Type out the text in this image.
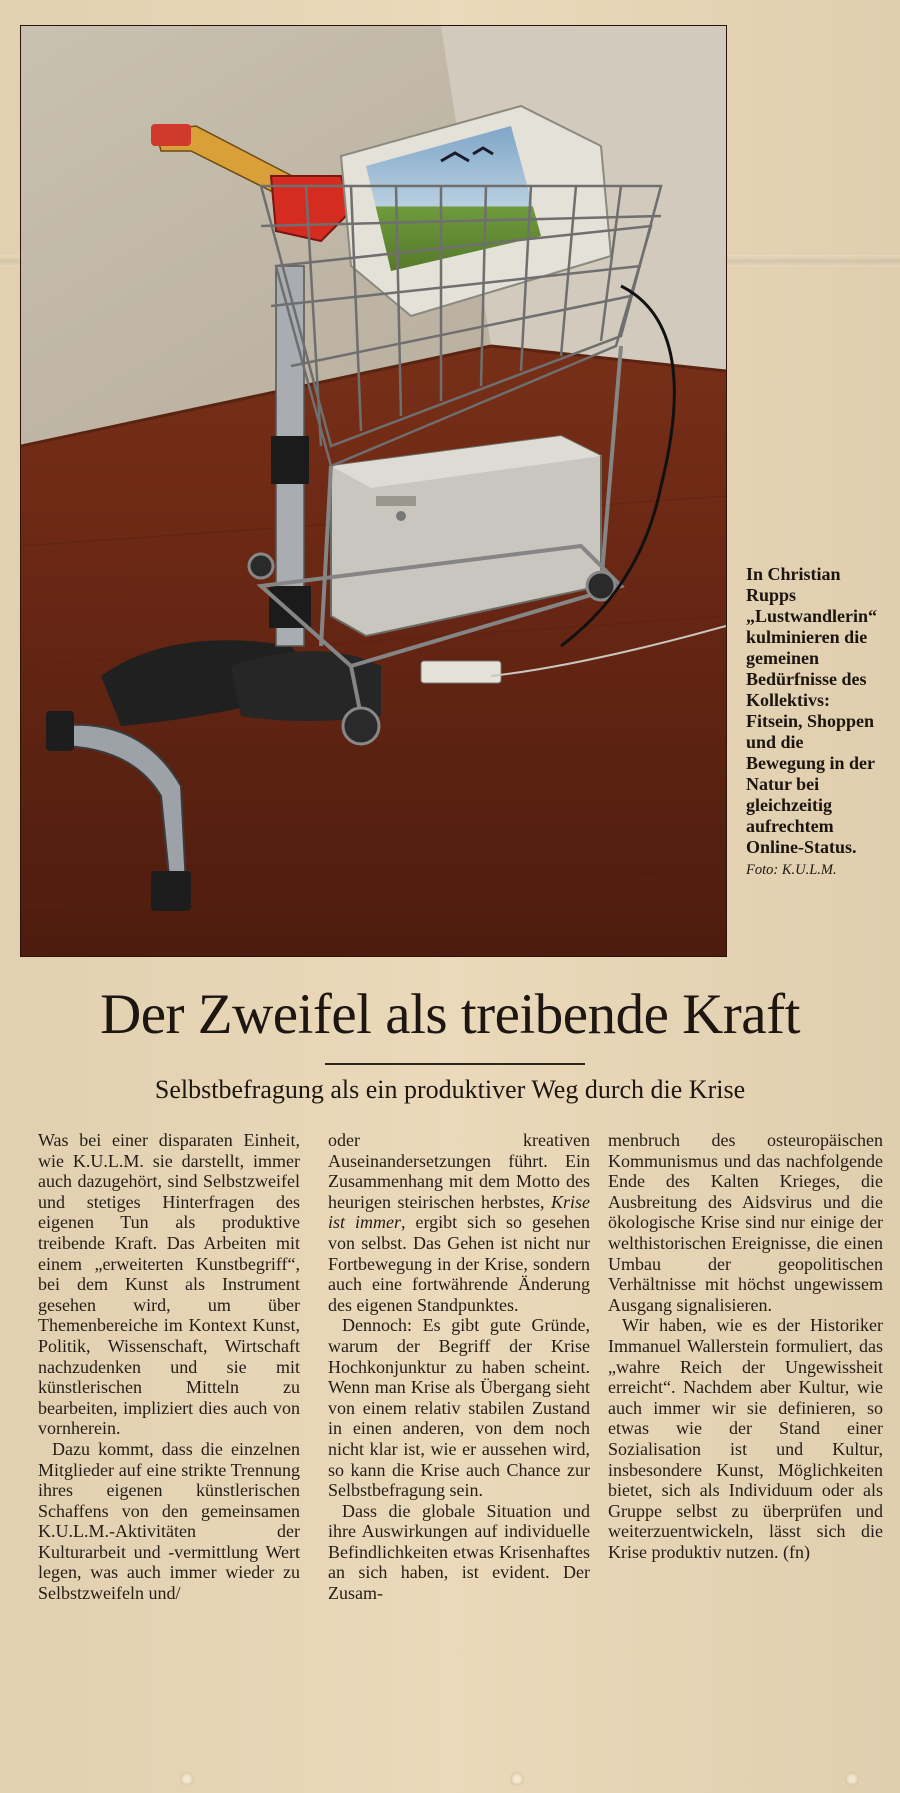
In Christian Rupps „Lustwandlerin“ kulminieren die gemeinen Bedürfnisse des Kollektivs: Fitsein, Shoppen und die Bewegung in der Natur bei gleichzeitig aufrechtem Online-Status.
Foto: K.U.L.M.
Der Zweifel als treibende Kraft
Selbstbefragung als ein produktiver Weg durch die Krise

Was bei einer disparaten Einheit, wie K.U.L.M. sie darstellt, immer auch dazugehört, sind Selbstzweifel und stetiges Hinterfragen des eigenen Tun als produktive treibende Kraft. Das Arbeiten mit einem „erweiterten Kunstbegriff“, bei dem Kunst als Instrument gesehen wird, um über Themenbereiche im Kontext Kunst, Politik, Wissenschaft, Wirtschaft nachzudenken und sie mit künstlerischen Mitteln zu bearbeiten, impliziert dies auch von vornherein.

Dazu kommt, dass die einzelnen Mitglieder auf eine strikte Trennung ihres eigenen künstlerischen Schaffens von den gemeinsamen K.U.L.M.-Aktivitäten der Kulturarbeit und -vermittlung Wert legen, was auch immer wieder zu Selbstzweifeln und/

oder kreativen Auseinandersetzungen führt. Ein Zusammenhang mit dem Motto des heurigen steirischen herbstes, Krise ist immer, ergibt sich so gesehen von selbst. Das Gehen ist nicht nur Fortbewegung in der Krise, sondern auch eine fortwährende Änderung des eigenen Standpunktes.

Dennoch: Es gibt gute Gründe, warum der Begriff der Krise Hochkonjunktur zu haben scheint. Wenn man Krise als Übergang sieht von einem relativ stabilen Zustand in einen anderen, von dem noch nicht klar ist, wie er aussehen wird, so kann die Krise auch Chance zur Selbstbefragung sein.

Dass die globale Situation und ihre Auswirkungen auf individuelle Befindlichkeiten etwas Krisenhaftes an sich haben, ist evident. Der Zusam-

menbruch des osteuropäischen Kommunismus und das nachfolgende Ende des Kalten Krieges, die Ausbreitung des Aidsvirus und die ökologische Krise sind nur einige der welthistorischen Ereignisse, die einen Umbau der geopolitischen Verhältnisse mit höchst ungewissem Ausgang signalisieren.

Wir haben, wie es der Historiker Immanuel Wallerstein formuliert, das „wahre Reich der Ungewissheit erreicht“. Nachdem aber Kultur, wie auch immer wir sie definieren, so etwas wie der Stand einer Sozialisation ist und Kultur, insbesondere Kunst, Möglichkeiten bietet, sich als Individuum oder als Gruppe selbst zu überprüfen und weiterzuentwickeln, lässt sich die Krise produktiv nutzen. (fn)
